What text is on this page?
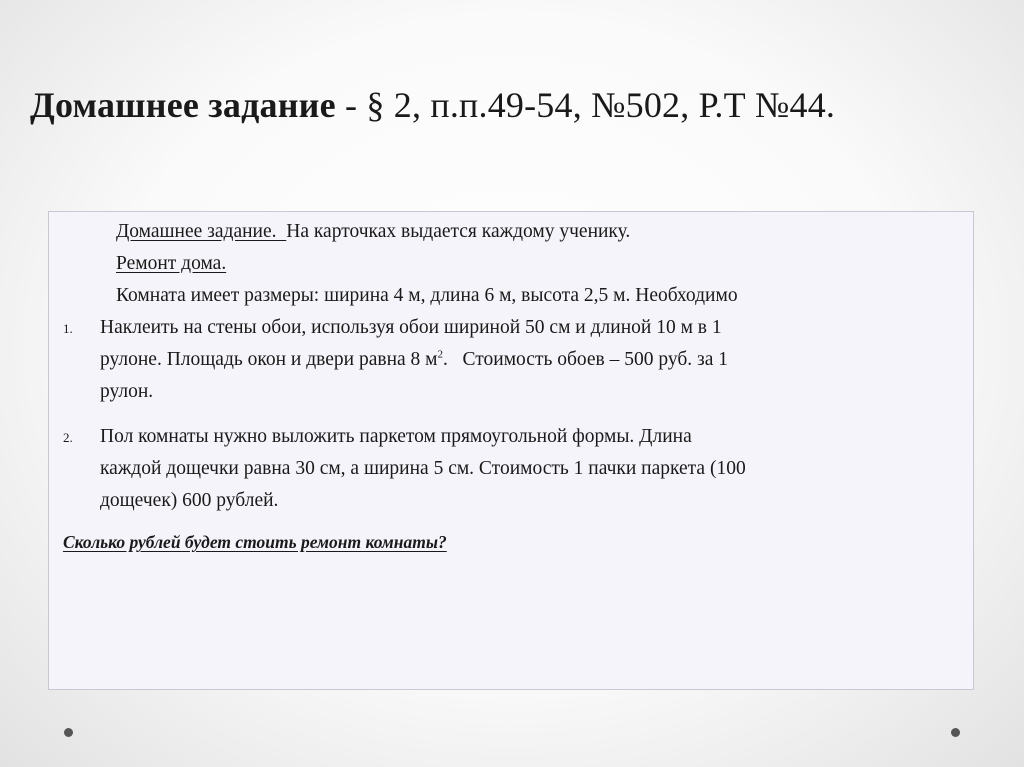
Домашнее задание - § 2, п.п.49-54, №502, Р.Т №44.
Домашнее задание.  На карточках выдается каждому ученику.
Ремонт дома.
Комната имеет размеры: ширина 4 м, длина 6 м, высота 2,5 м. Необходимо
1. Наклеить на стены обои, используя обои шириной 50 см и длиной 10 м в 1
рулоне. Площадь окон и двери равна 8 $м^2$.   Стоимость обоев – 500 руб. за 1
рулон.
2. Пол комнаты нужно выложить паркетом прямоугольной формы. Длина
каждой дощечки равна 30 см, а ширина 5 см. Стоимость 1 пачки паркета (100
дощечек) 600 рублей.
Сколько рублей будет стоить ремонт комнаты?
